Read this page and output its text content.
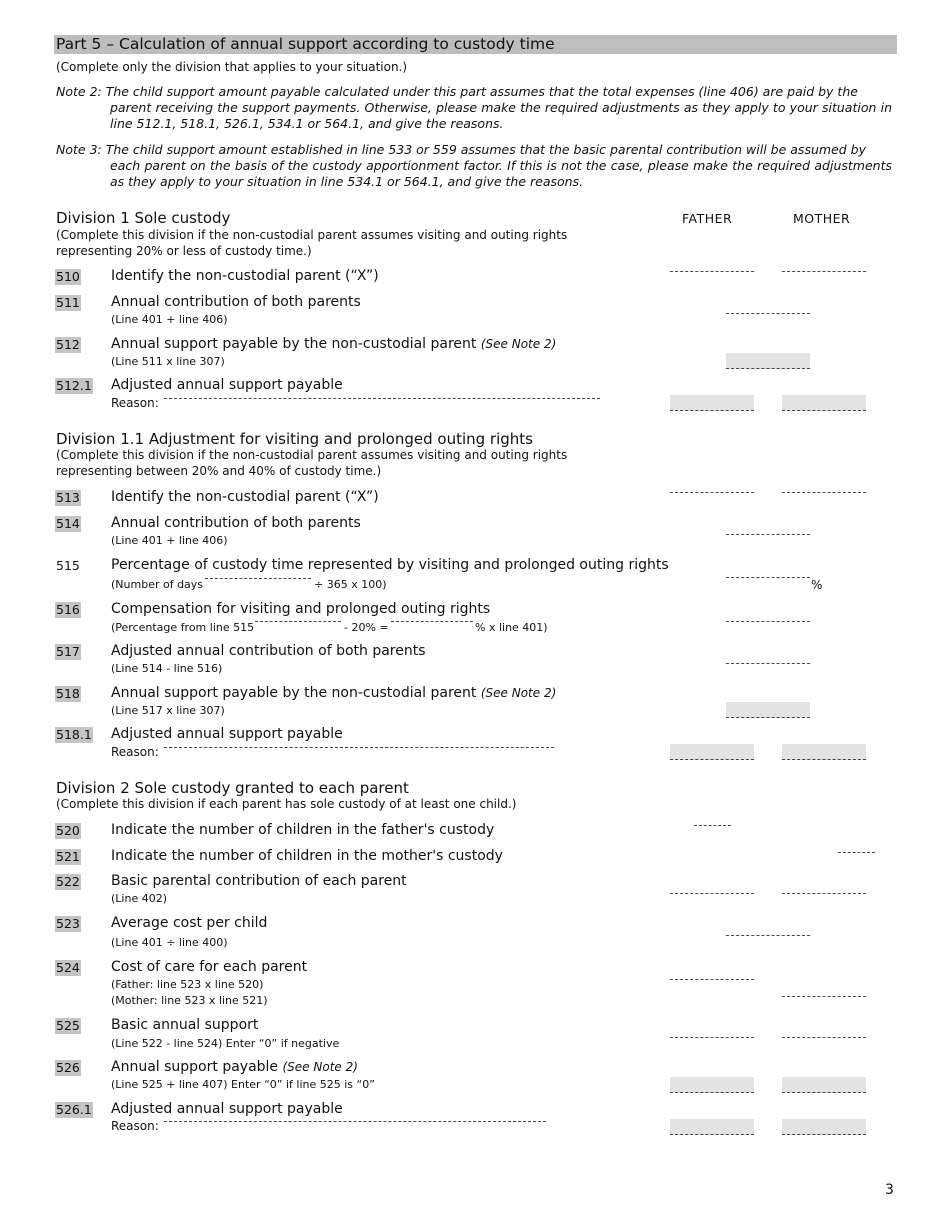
Part 5 – Calculation of annual support according to custody time
(Complete only the division that applies to your situation.)
Note 2: The child support amount payable calculated under this part assumes that the total expenses (line 406) are paid by the
parent receiving the support payments. Otherwise, please make the required adjustments as they apply to your situation in line 512.1, 518.1, 526.1, 534.1 or 564.1, and give the reasons.
Note 3: The child support amount established in line 533 or 559 assumes that the basic parental contribution will be assumed by
each parent on the basis of the custody apportionment factor. If this is not the case, please make the required adjustments as they apply to your situation in line 534.1 or 564.1, and give the reasons.
Division 1 Sole custody
(Complete this division if the non-custodial parent assumes visiting and outing rights
representing 20% or less of custody time.)
FATHER	MOTHER
510 Identify the non-custodial parent (“X”)
511 Annual contribution of both parents
(Line 401 + line 406)
512 Annual support payable by the non-custodial parent (See Note 2)
(Line 511 x line 307)
512.1 Adjusted annual support payable
Reason:
Division 1.1 Adjustment for visiting and prolonged outing rights
(Complete this division if the non-custodial parent assumes visiting and outing rights
representing between 20% and 40% of custody time.)
513 Identify the non-custodial parent (“X”)
514 Annual contribution of both parents
(Line 401 + line 406)
515 Percentage of custody time represented by visiting and prolonged outing rights
(Number of days	÷ 365 x 100)	%
516 Compensation for visiting and prolonged outing rights
(Percentage from line 515	- 20% =	% x line 401)
517 Adjusted annual contribution of both parents
(Line 514 - line 516)
518 Annual support payable by the non-custodial parent (See Note 2)
(Line 517 x line 307)
518.1 Adjusted annual support payable
Reason:
Division 2 Sole custody granted to each parent
(Complete this division if each parent has sole custody of at least one child.)
520 Indicate the number of children in the father's custody
521 Indicate the number of children in the mother's custody
522 Basic parental contribution of each parent
(Line 402)
523 Average cost per child
(Line 401 ÷ line 400)
524 Cost of care for each parent
(Father: line 523 x line 520)
(Mother: line 523 x line 521)
525 Basic annual support
(Line 522 - line 524) Enter “0” if negative
526 Annual support payable (See Note 2)
(Line 525 + line 407) Enter “0” if line 525 is “0”
526.1 Adjusted annual support payable
Reason:
3
